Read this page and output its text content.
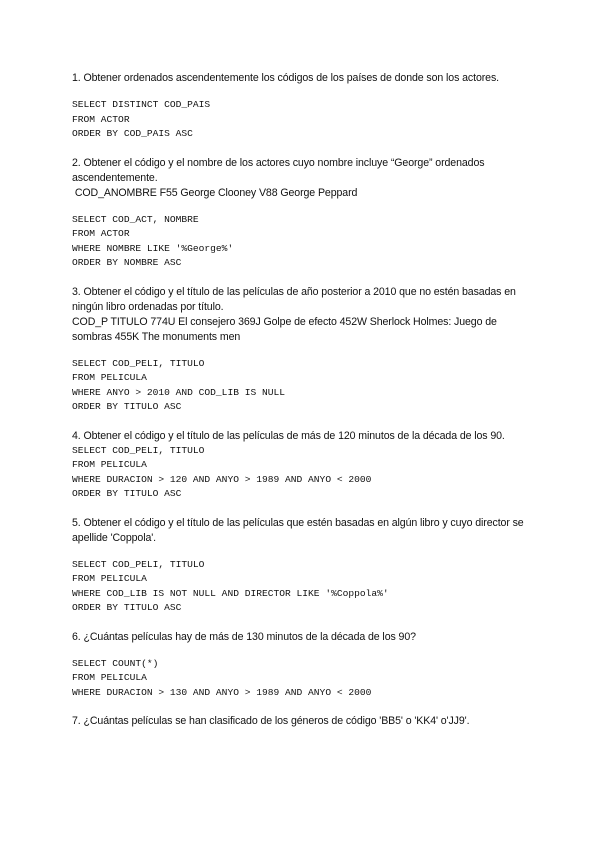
1. Obtener ordenados ascendentemente los códigos de los países de donde son los actores.

SELECT DISTINCT COD_PAIS
FROM ACTOR
ORDER BY COD_PAIS ASC

2. Obtener el código y el nombre de los actores cuyo nombre incluye “George” ordenados ascendentemente.

COD_ANOMBRE F55 George Clooney V88 George Peppard

SELECT COD_ACT, NOMBRE
FROM ACTOR
WHERE NOMBRE LIKE '%George%'
ORDER BY NOMBRE ASC

3. Obtener el código y el título de las películas de año posterior a 2010 que no estén basadas en ningún libro ordenadas por título.

COD_P TITULO 774U El consejero 369J Golpe de efecto 452W Sherlock Holmes: Juego de sombras 455K The monuments men

SELECT COD_PELI, TITULO
FROM PELICULA
WHERE ANYO > 2010 AND COD_LIB IS NULL
ORDER BY TITULO ASC

4. Obtener el código y el título de las películas de más de 120 minutos de la década de los 90.

SELECT COD_PELI, TITULO
FROM PELICULA
WHERE DURACION > 120 AND ANYO > 1989 AND ANYO < 2000
ORDER BY TITULO ASC

5. Obtener el código y el título de las películas que estén basadas en algún libro y cuyo director se apellide 'Coppola'.

SELECT COD_PELI, TITULO
FROM PELICULA
WHERE COD_LIB IS NOT NULL AND DIRECTOR LIKE '%Coppola%'
ORDER BY TITULO ASC

6. ¿Cuántas películas hay de más de 130 minutos de la década de los 90?

SELECT COUNT(*)
FROM PELICULA
WHERE DURACION > 130 AND ANYO > 1989 AND ANYO < 2000

7. ¿Cuántas películas se han clasificado de los géneros de código 'BB5' o 'KK4' o'JJ9'.
